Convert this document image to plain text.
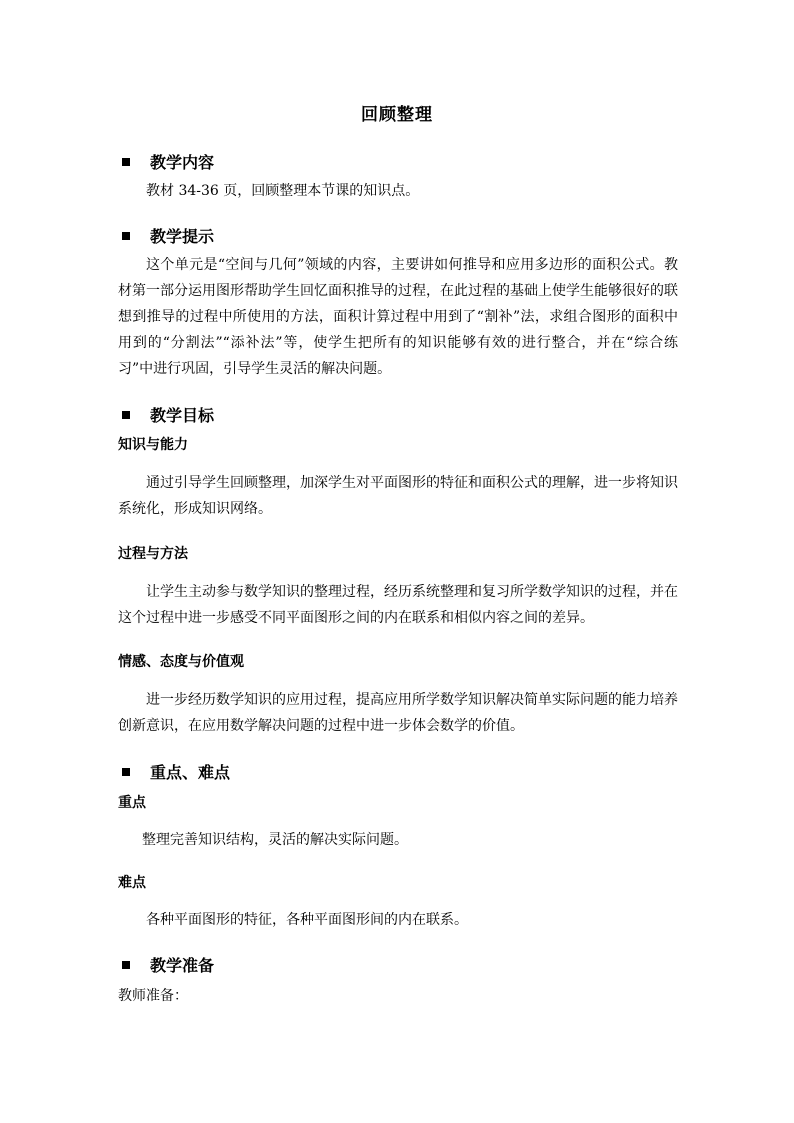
回顾整理
教学内容

教材 34-36 页，回顾整理本节课的知识点。

教学提示

这个单元是“空间与几何”领域的内容，主要讲如何推导和应用多边形的面积公式。教材第一部分运用图形帮助学生回忆面积推导的过程，在此过程的基础上使学生能够很好的联想到推导的过程中所使用的方法，面积计算过程中用到了“割补”法，求组合图形的面积中用到的“分割法”“添补法”等，使学生把所有的知识能够有效的进行整合，并在“综合练习”中进行巩固，引导学生灵活的解决问题。

教学目标
知识与能力

通过引导学生回顾整理，加深学生对平面图形的特征和面积公式的理解，进一步将知识系统化，形成知识网络。

过程与方法

让学生主动参与数学知识的整理过程，经历系统整理和复习所学数学知识的过程，并在这个过程中进一步感受不同平面图形之间的内在联系和相似内容之间的差异。

情感、态度与价值观

进一步经历数学知识的应用过程，提高应用所学数学知识解决简单实际问题的能力培养创新意识，在应用数学解决问题的过程中进一步体会数学的价值。

重点、难点
重点

整理完善知识结构，灵活的解决实际问题。

难点

各种平面图形的特征，各种平面图形间的内在联系。

教学准备

教师准备：
